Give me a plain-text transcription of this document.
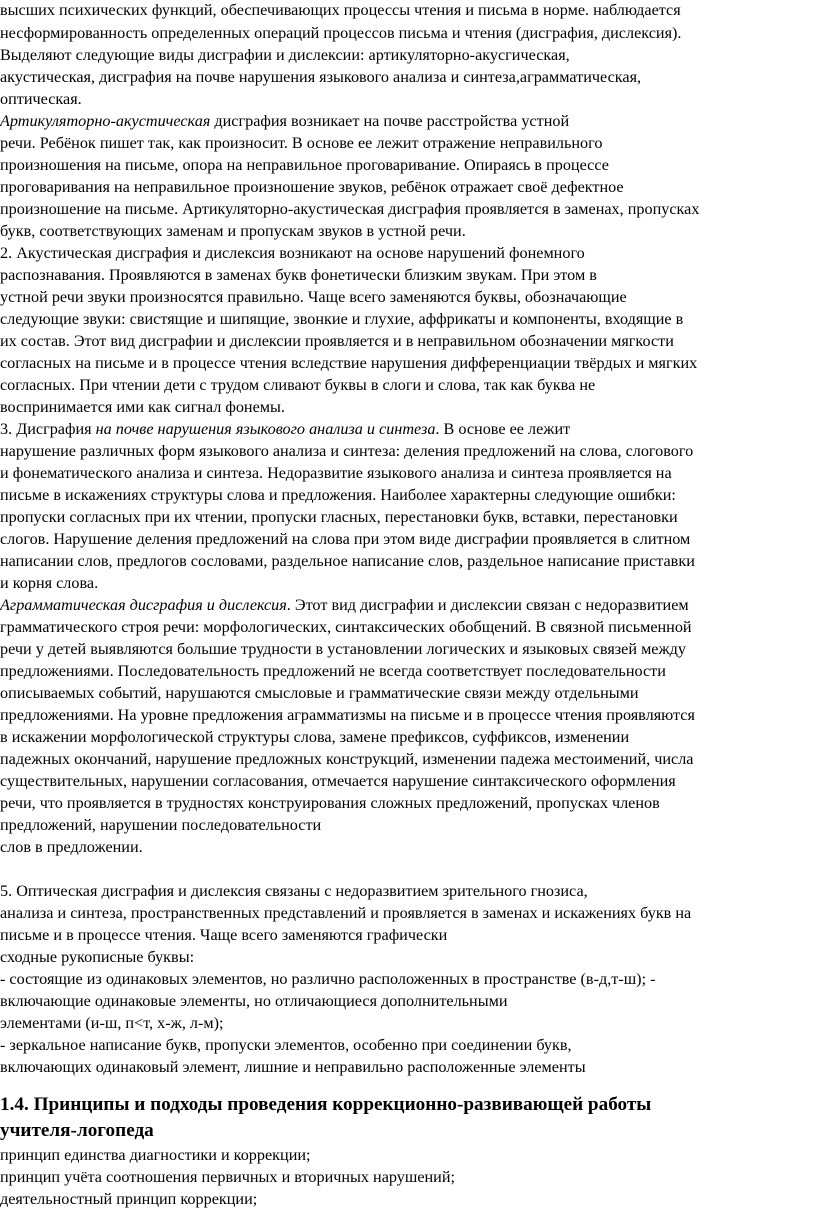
высших психических функций, обеспечивающих процессы чтения и письма в норме. наблюдается

несформированность определенных операций процессов письма и чтения (дисграфия, дислексия).

Выделяют следующие виды дисграфии и дислексии: артикуляторно-акусгическая,

акустическая, дисграфия на почве нарушения языкового анализа и синтеза,аграмматическая,

оптическая.

Артикуляторно-акустическая дисграфия возникает на почве расстройства устной

речи. Ребёнок пишет так, как произносит. В основе ее лежит отражение неправильного

произношения на письме, опора на неправильное проговаривание. Опираясь в процессе

проговаривания на неправильное произношение звуков, ребёнок отражает своё дефектное

произношение на письме. Артикуляторно-акустическая дисграфия проявляется в заменах, пропусках

букв, соответствующих заменам и пропускам звуков в устной речи.

2. Акустическая дисграфия и дислексия возникают на основе нарушений фонемного

распознавания. Проявляются в заменах букв фонетически близким звукам. При этом в

устной речи звуки произносятся правильно. Чаще всего заменяются буквы, обозначающие

следующие звуки: свистящие и шипящие, звонкие и глухие, аффрикаты и компоненты, входящие в

их состав. Этот вид дисграфии и дислексии проявляется и в неправильном обозначении мягкости

согласных на письме и в процессе чтения вследствие нарушения дифференциации твёрдых и мягких

согласных. При чтении дети с трудом сливают буквы в слоги и слова, так как буква не

воспринимается ими как сигнал фонемы.

3. Дисграфия на почве нарушения языкового анализа и синтеза. В основе ее лежит

нарушение различных форм языкового анализа и синтеза: деления предложений на слова, слогового

и фонематического анализа и синтеза. Недоразвитие языкового анализа и синтеза проявляется на

письме в искажениях структуры слова и предложения. Наиболее характерны следующие ошибки:

пропуски согласных при их чтении, пропуски гласных, перестановки букв, вставки, перестановки

слогов. Нарушение деления предложений на слова при этом виде дисграфии проявляется в слитном

написании слов, предлогов сословами, раздельное написание слов, раздельное написание приставки

и корня слова.

Аграмматическая дисграфия и дислексия. Этот вид дисграфии и дислексии связан с недоразвитием

грамматического строя речи: морфологических, синтаксических обобщений. В связной письменной

речи у детей выявляются большие трудности в установлении логических и языковых связей между

предложениями. Последовательность предложений не всегда соответствует последовательности

описываемых событий, нарушаются смысловые и грамматические связи между отдельными

предложениями. На уровне предложения аграмматизмы на письме и в процессе чтения проявляются

в искажении морфологической структуры слова, замене префиксов, суффиксов, изменении

падежных окончаний, нарушение предложных конструкций, изменении падежа местоимений, числа

существительных, нарушении согласования, отмечается нарушение синтаксического оформления

речи, что проявляется в трудностях конструирования сложных предложений, пропусках членов

предложений, нарушении последовательности

слов в предложении.

5. Оптическая дисграфия и дислексия связаны с недоразвитием зрительного гнозиса,

анализа и синтеза, пространственных представлений и проявляется в заменах и искажениях букв на

письме и в процессе чтения. Чаще всего заменяются графически

сходные рукописные буквы:

- состоящие из одинаковых элементов, но различно расположенных в пространстве (в-д,т-ш); -

включающие одинаковые элементы, но отличающиеся дополнительными

элементами (и-ш, п<т, х-ж, л-м);

- зеркальное написание букв, пропуски элементов, особенно при соединении букв,

включающих одинаковый элемент, лишние и неправильно расположенные элементы

1.4. Принципы и подходы проведения коррекционно-развивающей работы

учителя-логопеда

принцип единства диагностики и коррекции;

принцип учёта соотношения первичных и вторичных нарушений;

деятельностный принцип коррекции;
